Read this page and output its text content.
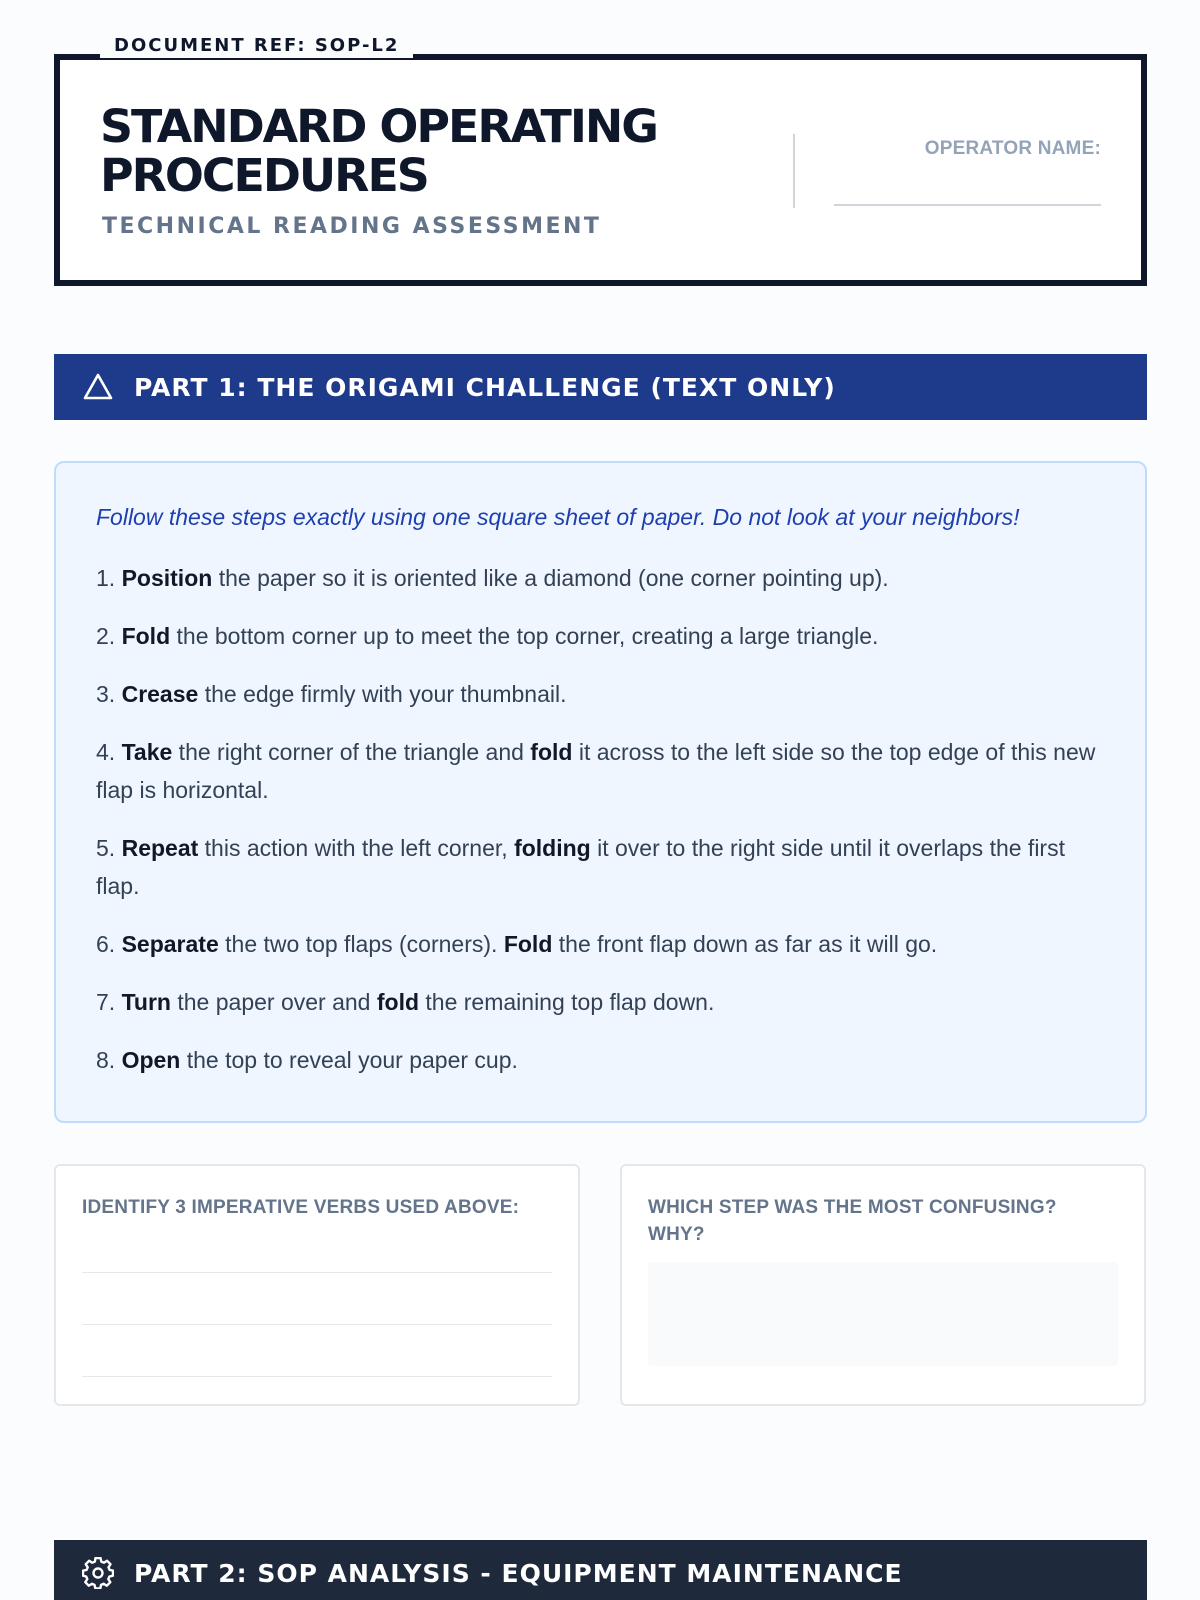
DOCUMENT REF: SOP-L2
STANDARD OPERATING
PROCEDURES
TECHNICAL READING ASSESSMENT
OPERATOR NAME:
PART 1: THE ORIGAMI CHALLENGE (TEXT ONLY)
Follow these steps exactly using one square sheet of paper. Do not look at your neighbors!
1. Position the paper so it is oriented like a diamond (one corner pointing up).
2. Fold the bottom corner up to meet the top corner, creating a large triangle.
3. Crease the edge firmly with your thumbnail.
4. Take the right corner of the triangle and fold it across to the left side so the top edge of this new flap is horizontal.
5. Repeat this action with the left corner, folding it over to the right side until it overlaps the first flap.
6. Separate the two top flaps (corners). Fold the front flap down as far as it will go.
7. Turn the paper over and fold the remaining top flap down.
8. Open the top to reveal your paper cup.
IDENTIFY 3 IMPERATIVE VERBS USED ABOVE:	WHICH STEP WAS THE MOST CONFUSING? WHY?
PART 2: SOP ANALYSIS - EQUIPMENT MAINTENANCE
